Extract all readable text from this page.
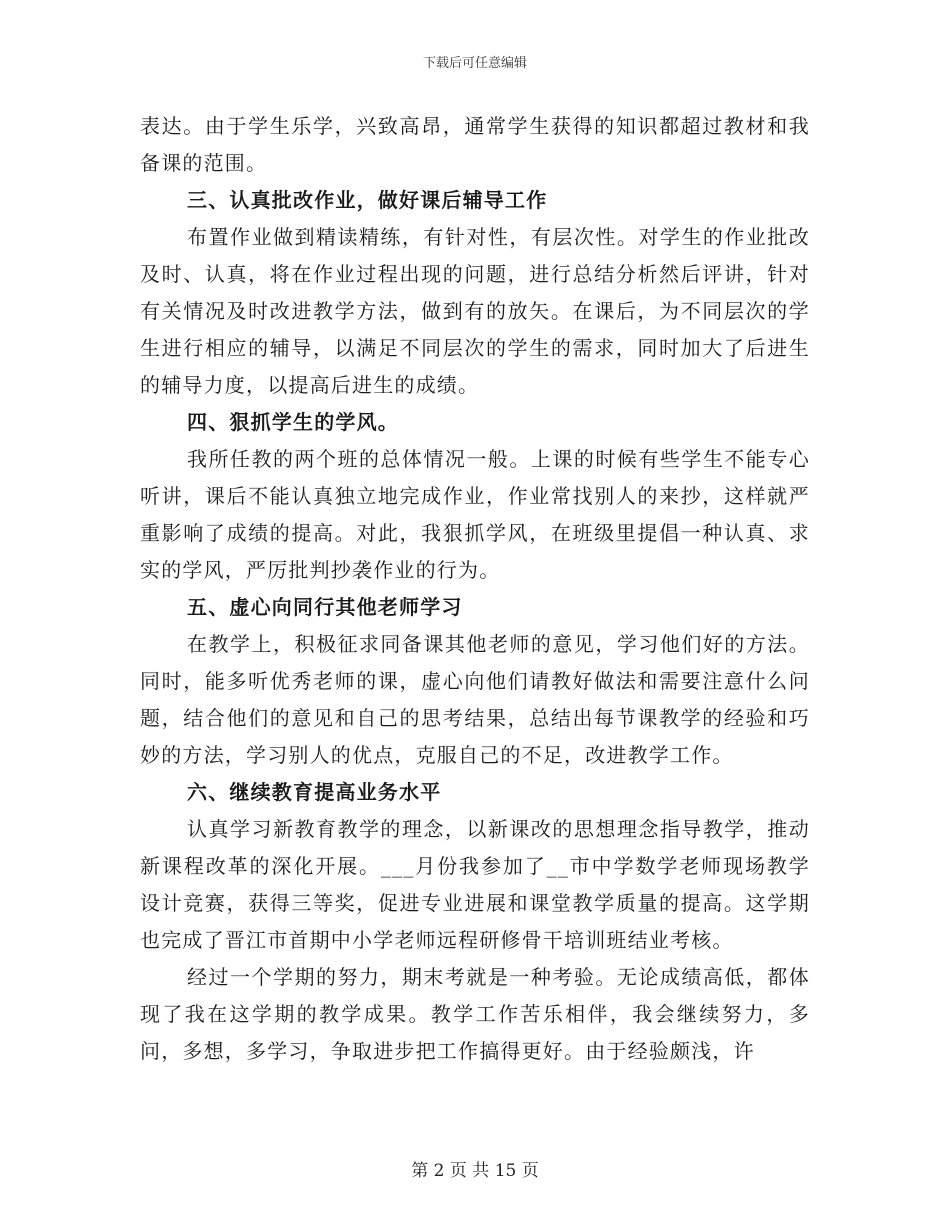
下载后可任意编辑

表达。由于学生乐学，兴致高昂，通常学生获得的知识都超过教材和我备课的范围。

三、认真批改作业，做好课后辅导工作

布置作业做到精读精练，有针对性，有层次性。对学生的作业批改及时、认真，将在作业过程出现的问题，进行总结分析然后评讲，针对有关情况及时改进教学方法，做到有的放矢。在课后，为不同层次的学生进行相应的辅导，以满足不同层次的学生的需求，同时加大了后进生的辅导力度，以提高后进生的成绩。

四、狠抓学生的学风。

我所任教的两个班的总体情况一般。上课的时候有些学生不能专心听讲，课后不能认真独立地完成作业，作业常找别人的来抄，这样就严重影响了成绩的提高。对此，我狠抓学风，在班级里提倡一种认真、求实的学风，严厉批判抄袭作业的行为。

五、虚心向同行其他老师学习

在教学上，积极征求同备课其他老师的意见，学习他们好的方法。同时，能多听优秀老师的课，虚心向他们请教好做法和需要注意什么问题，结合他们的意见和自己的思考结果，总结出每节课教学的经验和巧妙的方法，学习别人的优点，克服自己的不足，改进教学工作。

六、继续教育提高业务水平

认真学习新教育教学的理念，以新课改的思想理念指导教学，推动新课程改革的深化开展。___月份我参加了__市中学数学老师现场教学设计竞赛，获得三等奖，促进专业进展和课堂教学质量的提高。这学期也完成了晋江市首期中小学老师远程研修骨干培训班结业考核。

经过一个学期的努力，期末考就是一种考验。无论成绩高低，都体现了我在这学期的教学成果。教学工作苦乐相伴，我会继续努力，多问，多想，多学习，争取进步把工作搞得更好。由于经验颇浅，许

第 2 页 共 15 页
